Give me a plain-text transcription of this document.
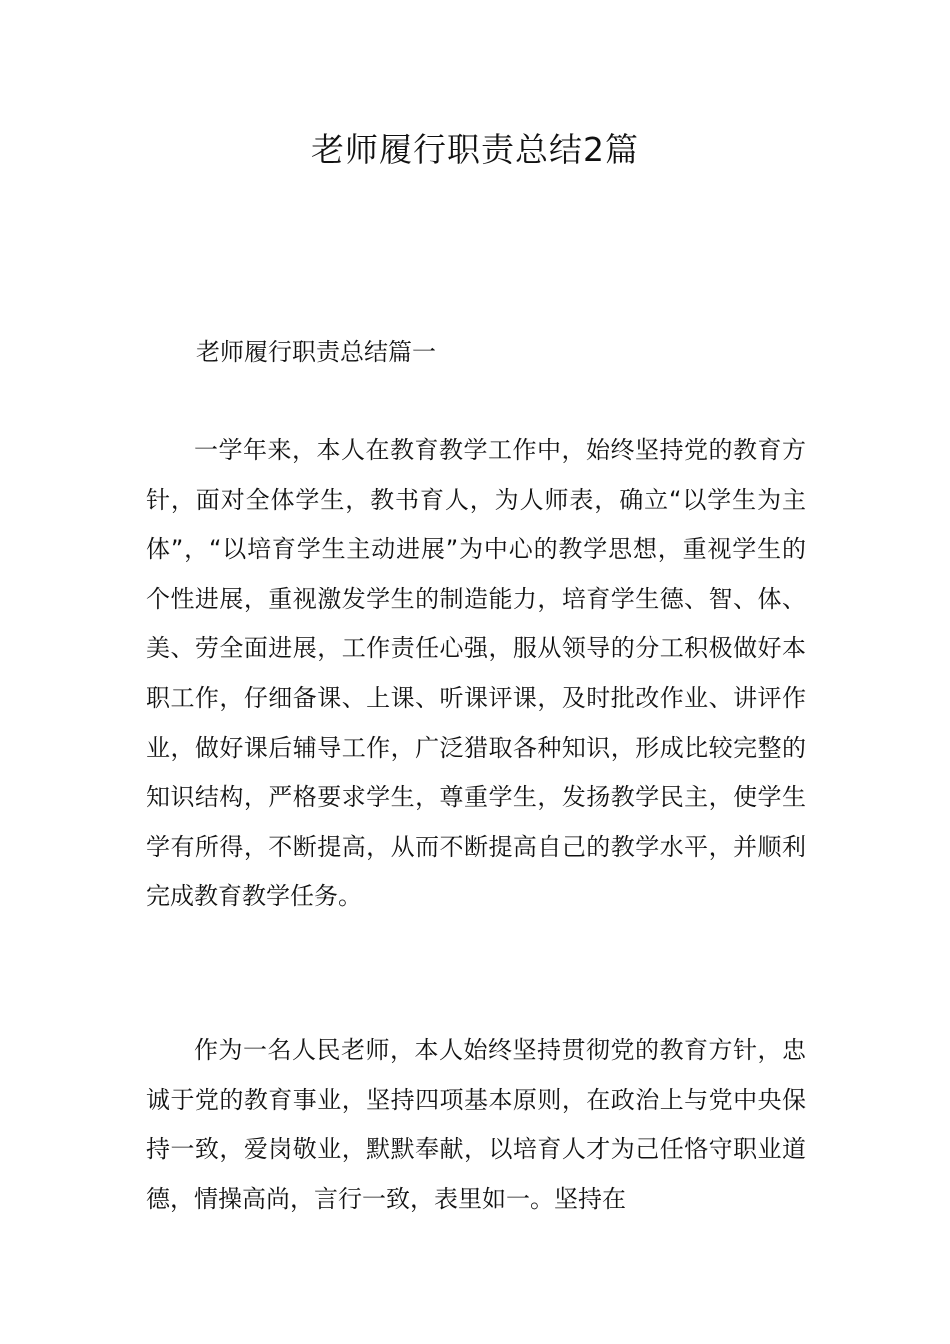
老师履行职责总结2篇
老师履行职责总结篇一

一学年来，本人在教育教学工作中，始终坚持党的教育方针，面对全体学生，教书育人，为人师表，确立“以学生为主体”，“以培育学生主动进展”为中心的教学思想，重视学生的个性进展，重视激发学生的制造能力，培育学生德、智、体、美、劳全面进展，工作责任心强，服从领导的分工积极做好本职工作，仔细备课、上课、听课评课，及时批改作业、讲评作业，做好课后辅导工作，广泛猎取各种知识，形成比较完整的知识结构，严格要求学生，尊重学生，发扬教学民主，使学生学有所得，不断提高，从而不断提高自己的教学水平，并顺利完成教育教学任务。

作为一名人民老师，本人始终坚持贯彻党的教育方针，忠诚于党的教育事业，坚持四项基本原则，在政治上与党中央保持一致，爱岗敬业，默默奉献，以培育人才为己任恪守职业道德，情操高尚，言行一致，表里如一。坚持在
